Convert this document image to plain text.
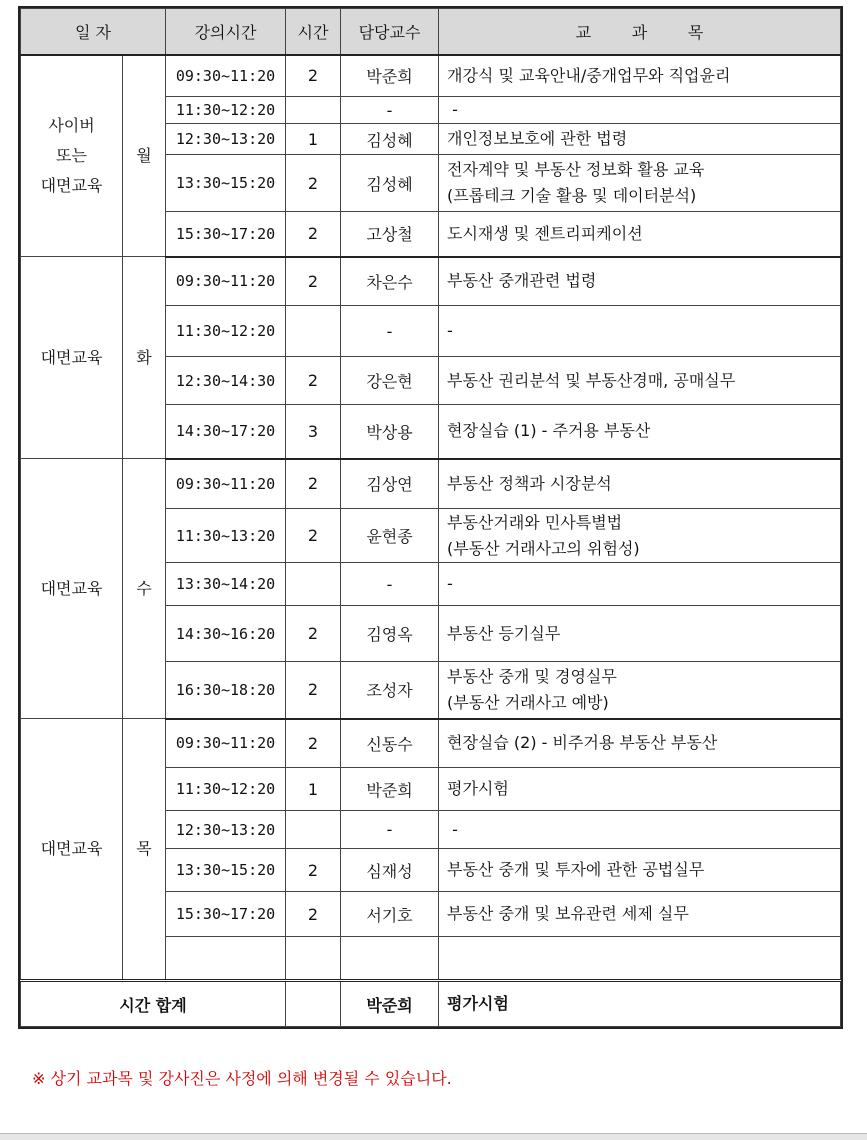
일 자		강의시간	시간	담당교수	교        과        목

사이버
또는
대면교육	월	09:30~11:20	2	박준희	개강식 및 교육안내/중개업무와 직업윤리

		11:30~12:20		-	-

		12:30~13:20	1	김성혜	개인정보보호에 관한 법령

		13:30~15:20	2	김성혜	전자계약 및 부동산 정보화 활용 교육
(프롭테크 기술 활용 및 데이터분석)

		15:30~17:20	2	고상철	도시재생 및 젠트리피케이션

대면교육	화	09:30~11:20	2	차은수	부동산 중개관련 법령

		11:30~12:20		-	-

		12:30~14:30	2	강은현	부동산 권리분석 및 부동산경매, 공매실무

		14:30~17:20	3	박상용	현장실습 (1) - 주거용 부동산

대면교육	수	09:30~11:20	2	김상연	부동산 정책과 시장분석

		11:30~13:20	2	윤현종	부동산거래와 민사특별법
(부동산 거래사고의 위험성)

		13:30~14:20		-	-

		14:30~16:20	2	김영옥	부동산 등기실무

		16:30~18:20	2	조성자	부동산 중개 및 경영실무
(부동산 거래사고 예방)

대면교육	목	09:30~11:20	2	신동수	현장실습 (2) - 비주거용 부동산 부동산

		11:30~12:20	1	박준희	평가시험

		12:30~13:20		-	-

		13:30~15:20	2	심재성	부동산 중개 및 투자에 관한 공법실무

		15:30~17:20	2	서기호	부동산 중개 및 보유관련 세제 실무

시간 합계				박준희	평가시험
※ 상기 교과목 및 강사진은 사정에 의해 변경될 수 있습니다.
